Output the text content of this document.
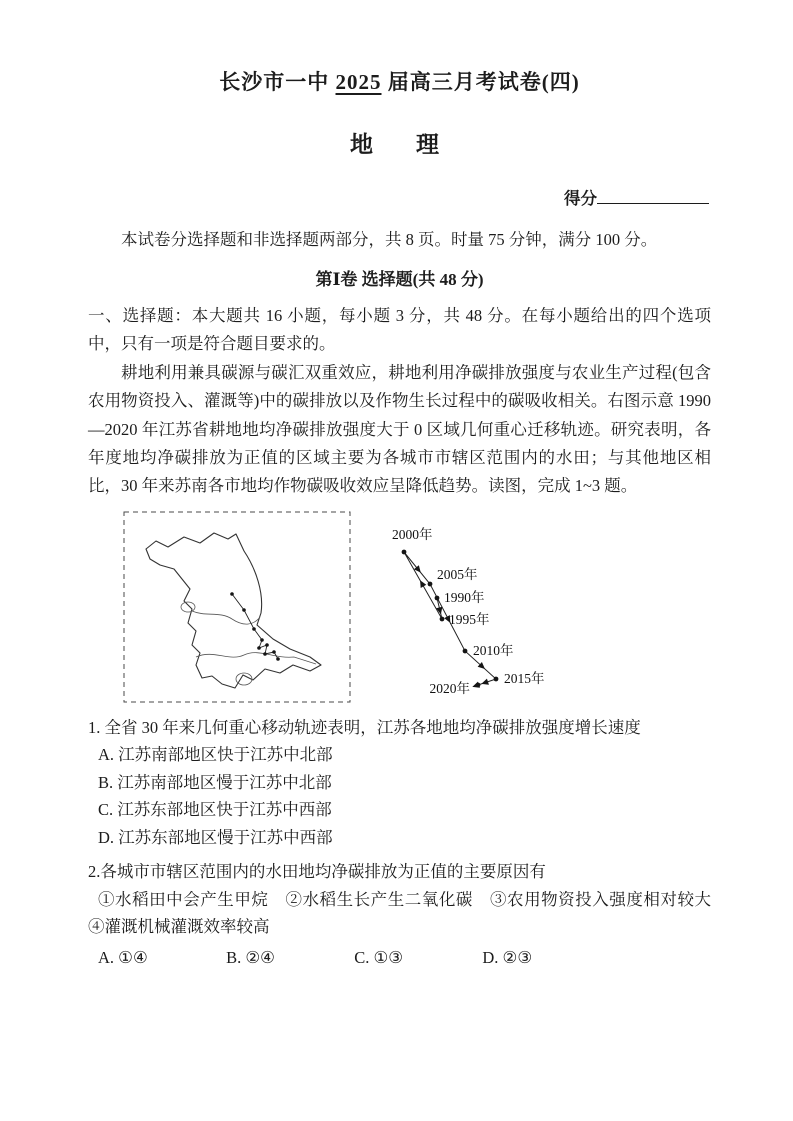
长沙市一中 2025 届高三月考试卷(四)
地　理
得分
本试卷分选择题和非选择题两部分，共 8 页。时量 75 分钟，满分 100 分。
第Ⅰ卷 选择题(共 48 分)
一、选择题：本大题共 16 小题，每小题 3 分，共 48 分。在每小题给出的四个选项中，只有一项是符合题目要求的。
耕地利用兼具碳源与碳汇双重效应，耕地利用净碳排放强度与农业生产过程(包含农用物资投入、灌溉等)中的碳排放以及作物生长过程中的碳吸收相关。右图示意 1990—2020 年江苏省耕地地均净碳排放强度大于 0 区域几何重心迁移轨迹。研究表明，各年度地均净碳排放为正值的区域主要为各城市市辖区范围内的水田；与其他地区相比，30 年来苏南各市地均作物碳吸收效应呈降低趋势。读图，完成 1~3 题。
1990年
1995年
2000年
2005年
2010年
2015年
2020年
1. 全省 30 年来几何重心移动轨迹表明，江苏各地地均净碳排放强度增长速度
A. 江苏南部地区快于江苏中北部
B. 江苏南部地区慢于江苏中北部
C. 江苏东部地区快于江苏中西部
D. 江苏东部地区慢于江苏中西部
2.各城市市辖区范围内的水田地均净碳排放为正值的主要原因有
①水稻田中会产生甲烷　②水稻生长产生二氧化碳　③农用物资投入强度相对较大　④灌溉机械灌溉效率较高
A. ①④	B. ②④	C. ①③	D. ②③
